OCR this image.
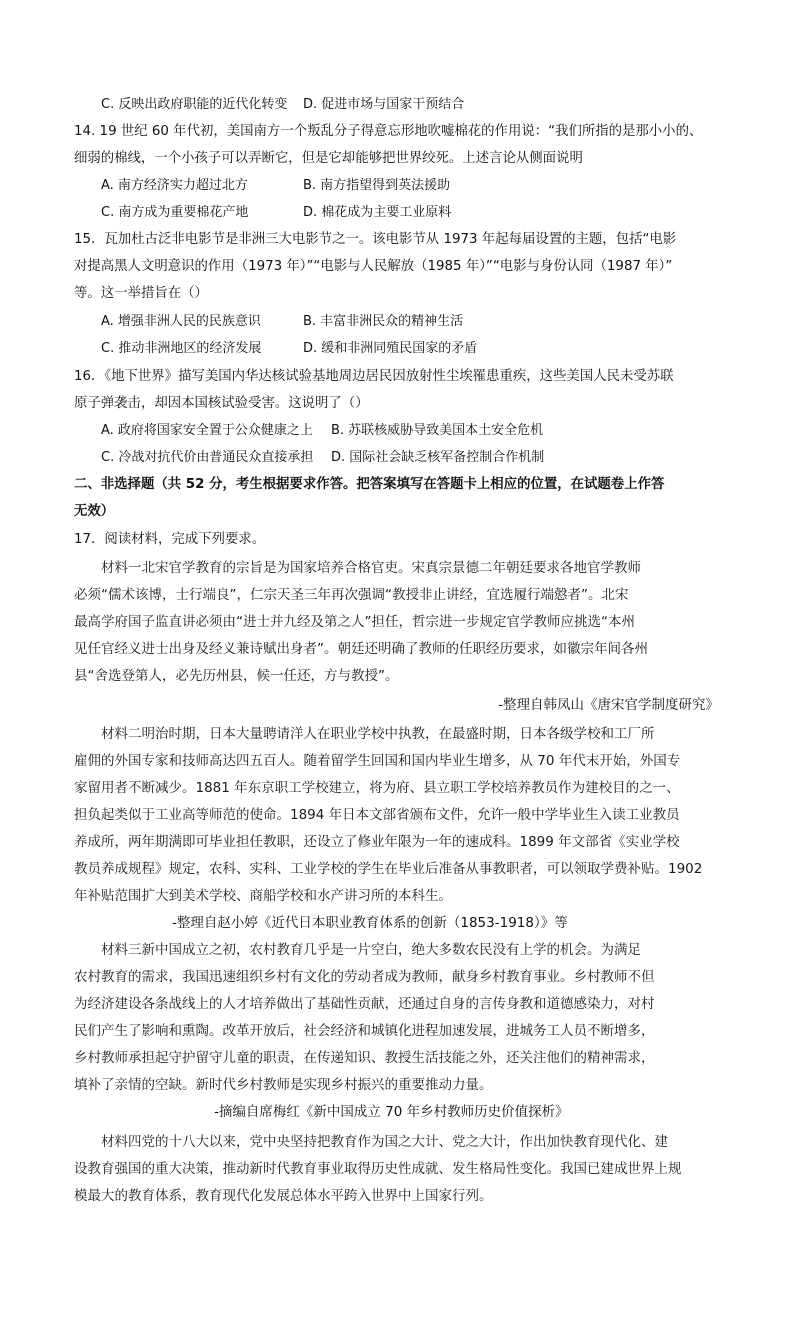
C. 反映出政府职能的近代化转变 D. 促进市场与国家干预结合
14. 19 世纪 60 年代初，美国南方一个叛乱分子得意忘形地吹嘘棉花的作用说：“我们所指的是那小小的、
细弱的棉线，一个小孩子可以弄断它，但是它却能够把世界绞死。上述言论从侧面说明
A. 南方经济实力超过北方	B. 南方指望得到英法援助
C. 南方成为重要棉花产地	D. 棉花成为主要工业原料
15．瓦加杜古泛非电影节是非洲三大电影节之一。该电影节从 1973 年起每届设置的主题，包括“电影
对提高黑人文明意识的作用（1973 年）”“电影与人民解放（1985 年）”“电影与身份认同（1987 年）”
等。这一举措旨在（）
A. 增强非洲人民的民族意识	B. 丰富非洲民众的精神生活
C. 推动非洲地区的经济发展	D. 缓和非洲同殖民国家的矛盾
16．《地下世界》描写美国内华达核试验基地周边居民因放射性尘埃罹患重疾，这些美国人民未受苏联
原子弹袭击，却因本国核试验受害。这说明了（）
A. 政府将国家安全置于公众健康之上 B. 苏联核威胁导致美国本土安全危机
C. 冷战对抗代价由普通民众直接承担 D. 国际社会缺乏核军备控制合作机制
二、非选择题（共 52 分，考生根据要求作答。把答案填写在答题卡上相应的位置，在试题卷上作答
无效）
17．阅读材料，完成下列要求。
材料一北宋官学教育的宗旨是为国家培养合格官吏。宋真宗景德二年朝廷要求各地官学教师
必须“儒术该博，士行端良”，仁宗天圣三年再次强调“教授非止讲经，宜选履行端慤者”。北宋
最高学府国子监直讲必须由“进士并九经及第之人”担任，哲宗进一步规定官学教师应挑选“本州
见任官经义进士出身及经义兼诗赋出身者”。朝廷还明确了教师的任职经历要求，如徽宗年间各州
县“舍选登第人，必先历州县，候一任还，方与教授”。
-整理自韩凤山《唐宋官学制度研究》
材料二明治时期，日本大量聘请洋人在职业学校中执教，在最盛时期，日本各级学校和工厂所
雇佣的外国专家和技师高达四五百人。随着留学生回国和国内毕业生增多，从 70 年代末开始，外国专
家留用者不断减少。1881 年东京职工学校建立，将为府、县立职工学校培养教员作为建校目的之一、
担负起类似于工业高等师范的使命。1894 年日本文部省颁布文件，允许一般中学毕业生入读工业教员
养成所，两年期满即可毕业担任教职，还设立了修业年限为一年的速成科。1899 年文部省《实业学校
教员养成规程》规定，农科、实科、工业学校的学生在毕业后准备从事教职者，可以领取学费补贴。1902
年补贴范围扩大到美术学校、商船学校和水产讲习所的本科生。
-整理自赵小婷《近代日本职业教育体系的创新（1853-1918）》等
材料三新中国成立之初，农村教育几乎是一片空白，绝大多数农民没有上学的机会。为满足
农村教育的需求，我国迅速组织乡村有文化的劳动者成为教师，献身乡村教育事业。乡村教师不但
为经济建设各条战线上的人才培养做出了基础性贡献，还通过自身的言传身教和道德感染力，对村
民们产生了影响和熏陶。改革开放后，社会经济和城镇化进程加速发展，进城务工人员不断增多，
乡村教师承担起守护留守儿童的职责，在传递知识、教授生活技能之外，还关注他们的精神需求，
填补了亲情的空缺。新时代乡村教师是实现乡村振兴的重要推动力量。
-摘编自席梅红《新中国成立 70 年乡村教师历史价值探析》
材料四党的十八大以来，党中央坚持把教育作为国之大计、党之大计，作出加快教育现代化、建
设教育强国的重大决策，推动新时代教育事业取得历史性成就、发生格局性变化。我国已建成世界上规
模最大的教育体系，教育现代化发展总体水平跨入世界中上国家行列。
